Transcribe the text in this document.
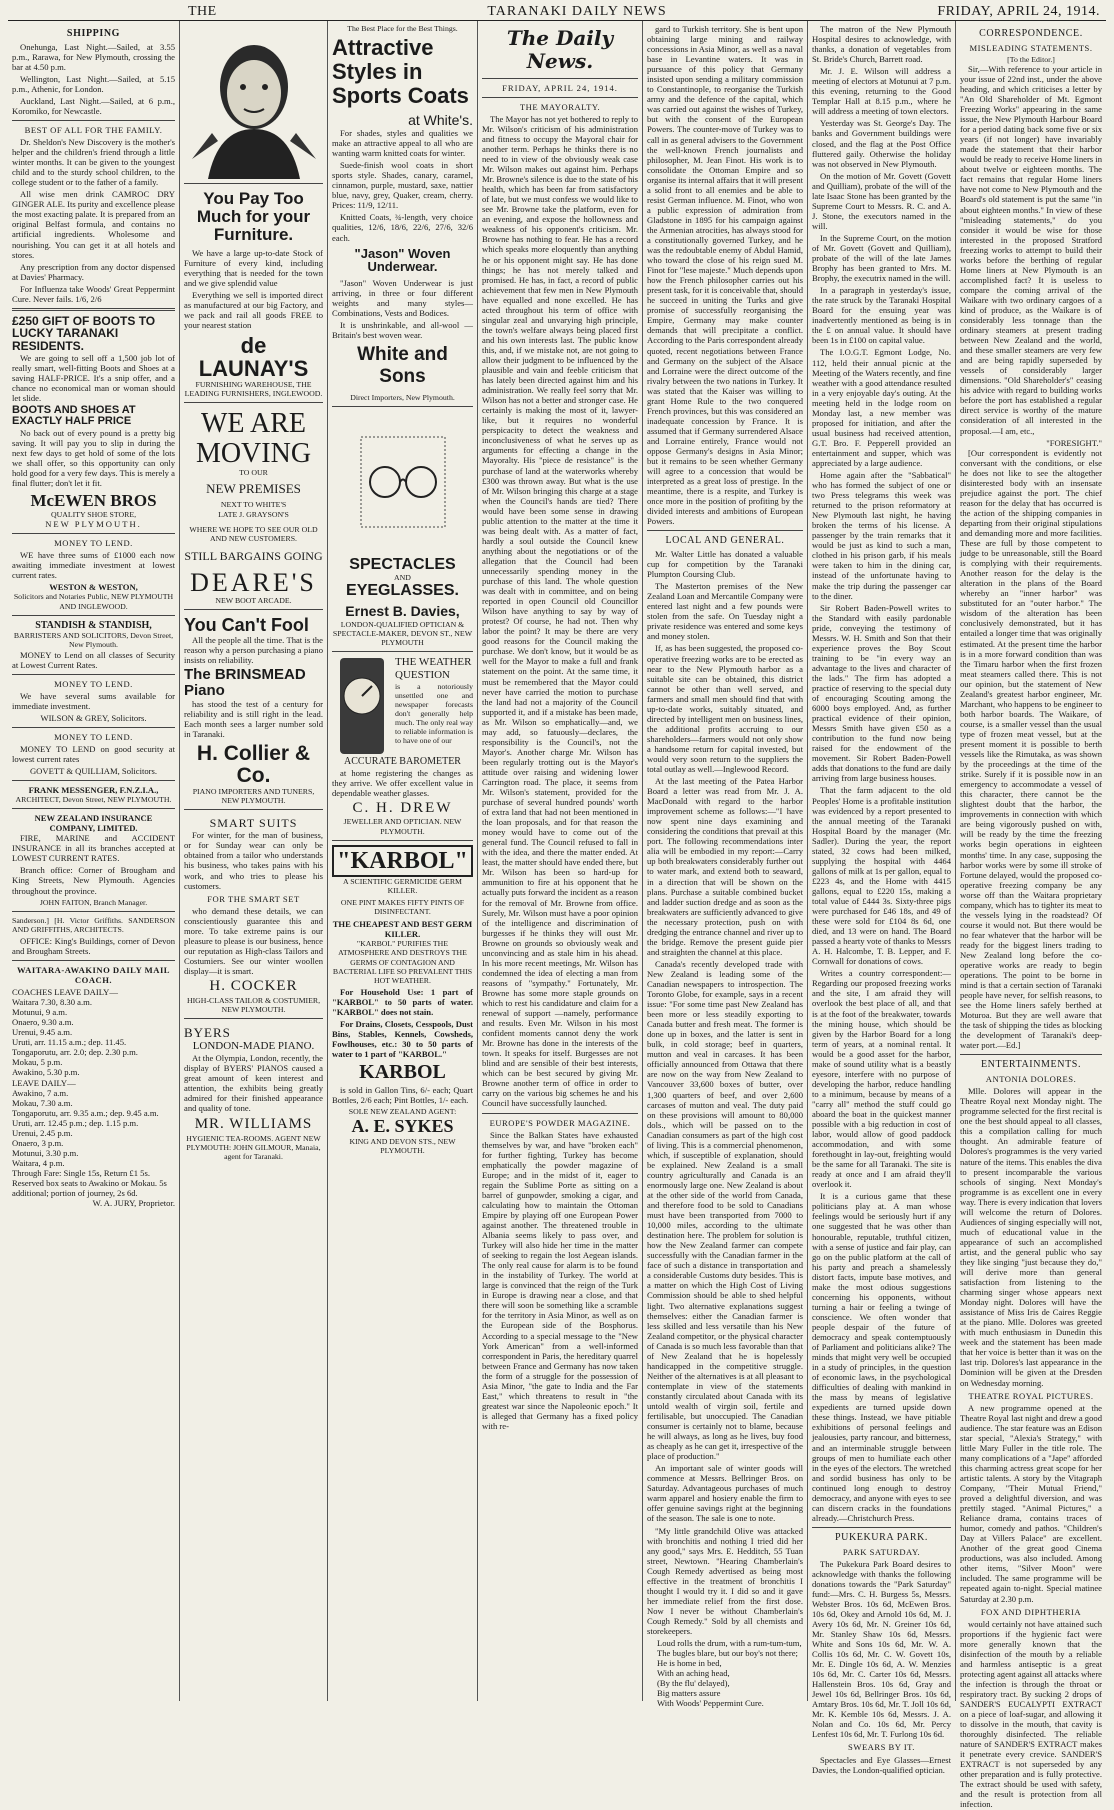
THE	TARANAKI DAILY NEWS	FRIDAY, APRIL 24, 1914.
SHIPPING

Onehunga, Last Night.—Sailed, at 3.55 p.m., Rarawa, for New Plymouth, crossing the bar at 4.50 p.m.

Wellington, Last Night.—Sailed, at 5.15 p.m., Athenic, for London.

Auckland, Last Night.—Sailed, at 6 p.m., Koromiko, for Newcastle.

BEST OF ALL FOR THE FAMILY.

Dr. Sheldon's New Discovery is the mother's helper and the children's friend through a little winter months. It can be given to the youngest child and to the sturdy school children, to the college student or to the father of a family.

All wise men drink CAMROC DRY GINGER ALE. Its purity and excellence please the most exacting palate. It is prepared from an original Belfast formula, and contains no artificial ingredients. Wholesome and nourishing. You can get it at all hotels and stores.

Any prescription from any doctor dispensed at Davies' Pharmacy.

For Influenza take Woods' Great Peppermint Cure. Never fails. 1/6, 2/6

£250 GIFT OF BOOTS TO LUCKY TARANAKI RESIDENTS.

We are going to sell off a 1,500 job lot of really smart, well-fitting Boots and Shoes at a saving HALF-PRICE. It's a snip offer, and a chance no economical man or woman should let slide.

BOOTS AND SHOES AT EXACTLY HALF PRICE

No back out of every pound is a pretty big saving. It will pay you to slip in during the next few days to get hold of some of the lots we shall offer, so this opportunity can only hold good for a very few days. This is merely a final flutter; don't let it fit.

McEWEN BROS
QUALITY SHOE STORE,
NEW PLYMOUTH.
MONEY TO LEND.

WE have three sums of £1000 each now awaiting immediate investment at lowest current rates.

WESTON & WESTON,
Solicitors and Notaries Public, NEW PLYMOUTH AND INGLEWOOD.
STANDISH & STANDISH,
BARRISTERS AND SOLICITORS, Devon Street, New Plymouth.

MONEY to Lend on all classes of Security at Lowest Current Rates.

MONEY TO LEND.

We have several sums available for immediate investment.

WILSON & GREY, Solicitors.
MONEY TO LEND.

MONEY TO LEND on good security at lowest current rates

GOVETT & QUILLIAM, Solicitors.
FRANK MESSENGER, F.N.Z.I.A.,
ARCHITECT, Devon Street, NEW PLYMOUTH.
NEW ZEALAND INSURANCE COMPANY, LIMITED.

FIRE, MARINE and ACCIDENT INSURANCE in all its branches accepted at LOWEST CURRENT RATES.

Branch office: Corner of Brougham and King Streets, New Plymouth. Agencies throughout the province.

JOHN FAITON, Branch Manager.

Sanderson.] [H. Victor Griffiths. SANDERSON AND GRIFFITHS, ARCHITECTS.

OFFICE: King's Buildings, corner of Devon and Brougham Streets.

WAITARA-AWAKINO DAILY MAIL COACH.
COACHES LEAVE DAILY—
Waitara 7.30, 8.30 a.m.
Motunui, 9 a.m.
Onaero, 9.30 a.m.
Urenui, 9.45 a.m.
Uruti, arr. 11.15 a.m.; dep. 11.45.
Tongaporutu, arr. 2.0; dep. 2.30 p.m.
Mokau, 5 p.m.
Awakino, 5.30 p.m.
LEAVE DAILY—
Awakino, 7 a.m.
Mokau, 7.30 a.m.
Tongaporutu, arr. 9.35 a.m.; dep. 9.45 a.m.
Uruti, arr. 12.45 p.m.; dep. 1.15 p.m.
Urenui, 2.45 p.m.
Onaero, 3 p.m.
Motunui, 3.30 p.m.
Waitara, 4 p.m.
Through Fare: Single 15s, Return £1 5s. Reserved box seats to Awakino or Mokau. 5s additional; portion of journey, 2s 6d.
W. A. JURY, Proprietor.
You Pay Too Much for your Furniture.

We have a large up-to-date Stock of Furniture of every kind, including everything that is needed for the town and we give splendid value

Everything we sell is imported direct as manufactured at our big Factory, and we pack and rail all goods FREE to your nearest station

de LAUNAY'S
FURNISHING WAREHOUSE, THE LEADING FURNISHERS, INGLEWOOD.
WE ARE
MOVING
TO OUR
NEW PREMISES
NEXT TO WHITE'S
LATE J. GRAYSON'S
WHERE WE HOPE TO SEE OUR OLD AND NEW CUSTOMERS.
STILL BARGAINS GOING
DEARE'S
NEW BOOT ARCADE.
You Can't Fool

All the people all the time. That is the reason why a person purchasing a piano insists on reliability.

The BRINSMEAD Piano

has stood the test of a century for reliability and is still right in the lead. Each month sees a larger number sold in Taranaki.

H. Collier & Co.
PIANO IMPORTERS AND TUNERS, NEW PLYMOUTH.
SMART SUITS

For winter, for the man of business, or for Sunday wear can only be obtained from a tailor who understands his business, who takes pains with his work, and who tries to please his customers.

FOR THE SMART SET

who demand these details, we can conscientiously guarantee this and more. To take extreme pains is our pleasure to please is our business, hence our reputation as High-class Tailors and Costumiers. See our winter woollen display—it is smart.

H. COCKER
HIGH-CLASS TAILOR & COSTUMIER, NEW PLYMOUTH.
BYERS
LONDON-MADE PIANO.

At the Olympia, London, recently, the display of BYERS' PIANOS caused a great amount of keen interest and attention, the exhibits being greatly admired for their finished appearance and quality of tone.

MR. WILLIAMS
HYGIENIC TEA-ROOMS. AGENT NEW PLYMOUTH: JOHN GILMOUR, Manaia, agent for Taranaki.
The Best Place for the Best Things.
Attractive Styles in Sports Coats
at White's.

For shades, styles and qualities we make an attractive appeal to all who are wanting warm knitted coats for winter.

Suede-finish wool coats in short sports style. Shades, canary, caramel, cinnamon, purple, mustard, saxe, nattier blue, navy, grey, Quaker, cream, cherry. Prices: 11/9, 12/11.

Knitted Coats, ¾-length, very choice qualities, 12/6, 18/6, 22/6, 27/6, 32/6 each.

"Jason" Woven Underwear.

"Jason" Woven Underwear is just arriving, in three or four different weights and many styles—Combinations, Vests and Bodices.

It is unshrinkable, and all-wool —Britain's best woven wear.

White and Sons
Direct Importers, New Plymouth.
SPECTACLES
AND
EYEGLASSES.
Ernest B. Davies,
LONDON-QUALIFIED OPTICIAN & SPECTACLE-MAKER, DEVON ST., NEW PLYMOUTH
THE WEATHER QUESTION

is a notoriously unsettled one and newspaper forecasts don't generally help much. The only real way to reliable information is to have one of our

ACCURATE BAROMETER

at home registering the changes as they arrive. We offer excellent value in dependable weather glasses.

C. H. DREW
JEWELLER AND OPTICIAN. NEW PLYMOUTH.
"KARBOL"
A SCIENTIFIC GERMICIDE GERM KILLER.
ONE PINT MAKES FIFTY PINTS OF DISINFECTANT.
THE CHEAPEST AND BEST GERM KILLER.

"KARBOL" PURIFIES THE ATMOSPHERE AND DESTROYS THE GERMS OF CONTAGION AND BACTERIAL LIFE SO PREVALENT THIS HOT WEATHER.

For Household Use: 1 part of "KARBOL" to 50 parts of water. "KARBOL" does not stain.

For Drains, Closets, Cesspools, Dust Bins, Stables, Kennels, Cowsheds, Fowlhouses, etc.: 30 to 50 parts of water to 1 part of "KARBOL."

KARBOL

is sold in Gallon Tins, 6/- each; Quart Bottles, 2/6 each; Pint Bottles, 1/- each.

SOLE NEW ZEALAND AGENT:
A. E. SYKES
KING AND DEVON STS., NEW PLYMOUTH.
The Daily News.
FRIDAY, APRIL 24, 1914.
THE MAYORALTY.

The Mayor has not yet bothered to reply to Mr. Wilson's criticism of his administration and fitness to occupy the Mayoral chair for another term. Perhaps he thinks there is no need to in view of the obviously weak case Mr. Wilson makes out against him. Perhaps Mr. Browne's silence is due to the state of his health, which has been far from satisfactory of late, but we must confess we would like to see Mr. Browne take the platform, even for an evening, and expose the hollowness and weakness of his opponent's criticism. Mr. Browne has nothing to fear. He has a record which speaks more eloquently than anything he or his opponent might say. He has done things; he has not merely talked and promised. He has, in fact, a record of public achievement that few men in New Plymouth have equalled and none excelled. He has acted throughout his term of office with singular zeal and unvarying high principle, the town's welfare always being placed first and his own interests last. The public know this, and, if we mistake not, are not going to allow their judgment to be influenced by the plausible and vain and feeble criticism that has lately been directed against him and his administration. We really feel sorry that Mr. Wilson has not a better and stronger case. He certainly is making the most of it, lawyer-like, but it requires no wonderful perspicacity to detect the weakness and inconclusiveness of what he serves up as arguments for effecting a change in the Mayoralty. His "piece de resistance" is the purchase of land at the waterworks whereby £300 was thrown away. But what is the use of Mr. Wilson bringing this charge at a stage when the Council's hands are tied? There would have been some sense in drawing public attention to the matter at the time it was being dealt with. As a matter of fact, hardly a soul outside the Council knew anything about the negotiations or of the allegation that the Council had been unnecessarily spending money in the purchase of this land. The whole question was dealt with in committee, and on being reported in open Council old Councillor Wilson have anything to say by way of protest? Of course, he had not. Then why labor the point? It may be there are very good reasons for the Council making the purchase. We don't know, but it would be as well for the Mayor to make a full and frank statement on the point. At the same time, it must be remembered that the Mayor could never have carried the motion to purchase the land had not a majority of the Council supported it, and if a mistake has been made, as Mr. Wilson so emphatically—and, we may add, so fatuously—declares, the responsibility is the Council's, not the Mayor's. Another charge Mr. Wilson has been regularly trotting out is the Mayor's attitude over raising and widening lower Carrington road. The place, it seems from Mr. Wilson's statement, provided for the purchase of several hundred pounds' worth of extra land that had not been mentioned in the loan proposals, and for that reason the money would have to come out of the general fund. The Council refused to fall in with the idea, and there the matter ended. At least, the matter should have ended there, but Mr. Wilson has been so hard-up for ammunition to fire at his opponent that he actually puts forward the incident as a reason for the removal of Mr. Browne from office. Surely, Mr. Wilson must have a poor opinion of the intelligence and discrimination of burgesses if he thinks they will oust Mr. Browne on grounds so obviously weak and unconvincing and as stale him in his ahead. In his more recent meetings, Mr. Wilson has condemned the idea of electing a man from reasons of "sympathy." Fortunately, Mr. Browne has some more staple grounds on which to rest his candidature and claim for a renewal of support —namely, performance and results. Even Mr. Wilson in his most confident moments cannot deny the work Mr. Browne has done in the interests of the town. It speaks for itself. Burgesses are not blind and are sensible of their best interests, which can be best secured by giving Mr. Browne another term of office in order to carry on the various big schemes he and his Council have successfully launched.

EUROPE'S POWDER MAGAZINE.

Since the Balkan States have exhausted themselves by war, and have "broken each" for further fighting, Turkey has become emphatically the powder magazine of Europe; and in the midst of it, eager to regain the Sublime Porte as sitting on a barrel of gunpowder, smoking a cigar, and calculating how to maintain the Ottoman Empire by playing off one European Power against another. The threatened trouble in Albania seems likely to pass over, and Turkey will also hide her time in the matter of seeking to regain the lost Aegean islands. The only real cause for alarm is to be found in the instability of Turkey. The world at large is convinced that the reign of the Turk in Europe is drawing near a close, and that there will soon be something like a scramble for the territory in Asia Minor, as well as on the European side of the Bosphorus. According to a special message to the "New York American" from a well-informed correspondent in Paris, the hereditary quarrel between France and Germany has now taken the form of a struggle for the possession of Asia Minor, "the gate to India and the Far East," which threatens to result in "the greatest war since the Napoleonic epoch." It is alleged that Germany has a fixed policy with re-

gard to Turkish territory. She is bent upon obtaining large mining and railway concessions in Asia Minor, as well as a naval base in Levantine waters. It was in pursuance of this policy that Germany insisted upon sending a military commission to Constantinople, to reorganise the Turkish army and the defence of the capital, which was carried out against the wishes of Turkey, but with the consent of the European Powers. The counter-move of Turkey was to call in as general advisers to the Government the well-known French journalists and philosopher, M. Jean Finot. His work is to consolidate the Ottoman Empire and so organise its internal affairs that it will present a solid front to all enemies and be able to resist German influence. M. Finot, who won a public expression of admiration from Gladstone in 1895 for his campaign against the Armenian atrocities, has always stood for a constitutionally governed Turkey, and he was the redoubtable enemy of Abdul Hamid, who toward the close of his reign sued M. Finot for "lese majeste." Much depends upon how the French philosopher carries out his present task, for it is conceivable that, should he succeed in uniting the Turks and give promise of successfully reorganising the Empire, Germany may make counter demands that will precipitate a conflict. According to the Paris correspondent already quoted, recent negotiations between France and Germany on the subject of the Alsace and Lorraine were the direct outcome of the rivalry between the two nations in Turkey. It was stated that the Kaiser was willing to grant Home Rule to the two conquered French provinces, but this was considered an inadequate concession by France. It is assumed that if Germany surrendered Alsace and Lorraine entirely, France would not oppose Germany's designs in Asia Minor; but it remains to be seen whether Germany will agree to a concession that would be interpreted as a great loss of prestige. In the meantime, there is a respite, and Turkey is once more in the position of profiting by the divided interests and ambitions of European Powers.

LOCAL AND GENERAL.

Mr. Walter Little has donated a valuable cup for competition by the Taranaki Plumpton Coursing Club.

The Masterton premises of the New Zealand Loan and Mercantile Company were entered last night and a few pounds were stolen from the safe. On Tuesday night a private residence was entered and some keys and money stolen.

If, as has been suggested, the proposed co-operative freezing works are to be erected as near to the New Plymouth harbor as a suitable site can be obtained, this district cannot be other than well served, and farmers and small men should find that with up-to-date works, suitably situated, and directed by intelligent men on business lines, the additional profits accruing to our shareholders—farmers would not only show a handsome return for capital invested, but would very soon return to the suppliers the total outlay as well.—Inglewood Record.

At the last meeting of the Patea Harbor Board a letter was read from Mr. J. A. MacDonald with regard to the harbor improvement scheme as follows:—"I have now spent nine days examining and considering the conditions that prevail at this port. The following recommendations inter alia will be embodied in my report:—Carry up both breakwaters considerably further out to water mark, and extend both to seaward, in a direction that will be shown on the plans. Purchase a suitable combined bucket and ladder suction dredge and as soon as the breakwaters are sufficiently advanced to give the necessary protection, push on with dredging the entrance channel and river up to the bridge. Remove the present guide pier and straighten the channel at this place.

Canada's recently developed trade with New Zealand is leading some of the Canadian newspapers to introspection. The Toronto Globe, for example, says in a recent issue: "For some time past New Zealand has been more or less steadily exporting to Canada butter and fresh meat. The former is done up in boxes, and the latter is sent in bulk, in cold storage; beef in quarters, mutton and veal in carcases. It has been officially announced from Ottawa that there are now on the way from New Zealand to Vancouver 33,600 boxes of butter, over 1,300 quarters of beef, and over 2,600 carcases of mutton and veal. The duty paid on these provisions will amount to 80,000 dols., which will be passed on to the Canadian consumers as part of the high cost of living. This is a commercial phenomenon, which, if susceptible of explanation, should be explained. New Zealand is a small country agriculturally and Canada is an enormously large one. New Zealand is about at the other side of the world from Canada, and therefore food to be sold to Canadians must have been transported from 7000 to 10,000 miles, according to the ultimate destination here. The problem for solution is how the New Zealand farmer can compete successfully with the Canadian farmer in the face of such a distance in transportation and a considerable Customs duty besides. This is a matter on which the High Cost of Living Commission should be able to shed helpful light. Two alternative explanations suggest themselves: either the Canadian farmer is less skilled and less versatile than his New Zealand competitor, or the physical character of Canada is so much less favorable than that of New Zealand that he is hopelessly handicapped in the competitive struggle. Neither of the alternatives is at all pleasant to contemplate in view of the statements constantly circulated about Canada with its untold wealth of virgin soil, fertile and fertilisable, but unoccupied. The Canadian consumer is certainly not to blame, because he will always, as long as he lives, buy food as cheaply as he can get it, irrespective of the place of production."

An important sale of winter goods will commence at Messrs. Bellringer Bros. on Saturday. Advantageous purchases of much warm apparel and hosiery enable the firm to offer genuine savings right at the beginning of the season. The sale is one to note.

"My little grandchild Olive was attacked with bronchitis and nothing I tried did her any good," says Mrs. E. Hedditch, 55 Tuan street, Newtown. "Hearing Chamberlain's Cough Remedy advertised as being most effective in the treatment of bronchitis I thought I would try it. I did so and it gave her immediate relief from the first dose. Now I never be without Chamberlain's Cough Remedy." Sold by all chemists and storekeepers.

Loud rolls the drum, with a rum-tum-tum,
The bugles blare, but our boy's not there;
He is home in bed,
With an aching head,
(By the flu' delayed),
Big matters assure
With Woods' Peppermint Cure.

The matron of the New Plymouth Hospital desires to acknowledge, with thanks, a donation of vegetables from St. Bride's Church, Barrett road.

Mr. J. E. Wilson will address a meeting of electors at Motunui at 7 p.m. this evening, returning to the Good Templar Hall at 8.15 p.m., where he will address a meeting of town electors.

Yesterday was St. George's Day. The banks and Government buildings were closed, and the flag at the Post Office fluttered gaily. Otherwise the holiday was not observed in New Plymouth.

On the motion of Mr. Govett (Govett and Quilliam), probate of the will of the late Isaac Stone has been granted by the Supreme Court to Messrs. R. C. and A. J. Stone, the executors named in the will.

In the Supreme Court, on the motion of Mr. Govett (Govett and Quilliam), probate of the will of the late James Brophy has been granted to Mrs. M. Brophy, the executrix named in the will.

In a paragraph in yesterday's issue, the rate struck by the Taranaki Hospital Board for the ensuing year was inadvertently mentioned as being is in the £ on annual value. It should have been 1s in £100 on capital value.

The I.O.G.T. Egmont Lodge, No. 112, held their annual picnic at the Meeting of the Waters recently, and fine weather with a good attendance resulted in a very enjoyable day's outing. At the meeting held in the lodge room on Monday last, a new member was proposed for initiation, and after the usual business had received attention, G.T. Bro. F. Pepperell provided an entertainment and supper, which was appreciated by a large audience.

Home again after the "Sabbatical" who has formed the subject of one or two Press telegrams this week was returned to the prison reformatory at New Plymouth last night, he having broken the terms of his license. A passenger by the train remarks that it would be just as kind to such a man, clothed in his prison garb, if his meals were taken to him in the dining car, instead of the unfortunate having to make the trip during the passenger car to the diner.

Sir Robert Baden-Powell writes to the Standard with easily pardonable pride, conveying the testimony of Messrs. W. H. Smith and Son that their experience proves the Boy Scout training to be "in every way an advantage to the lives and character of the lads." The firm has adopted a practice of reserving to the special duty of encouraging Scouting among the 6000 boys employed. And, as further practical evidence of their opinion, Messrs Smith have given £50 as a contribution to the fund now being raised for the endowment of the movement. Sir Robert Baden-Powell adds that donations to the fund are daily arriving from large business houses.

That the farm adjacent to the old Peoples' Home is a profitable institution was evidenced by a report presented to the annual meeting of the Taranaki Hospital Board by the manager (Mr. Sadler). During the year, the report stated, 32 cows had been milked, supplying the hospital with 4464 gallons of milk at 1s per gallon, equal to £223 4s, and the Home with 4415 gallons, equal to £220 15s, making a total value of £444 3s. Sixty-three pigs were purchased for £46 18s, and 49 of these were sold for £104 8s 6d, one died, and 13 were on hand. The Board passed a hearty vote of thanks to Messrs A. H. Halcombe, T. B. Lepper, and F. Cornwall for donations of cows.

Writes a country correspondent:—Regarding our proposed freezing works and the site, I am afraid they will overlook the best place of all, and that is at the foot of the breakwater, towards the mining house, which should be given by the Harbor Board for a long term of years, at a nominal rental. It would be a good asset for the harbor, make of sound utility what is a beastly eyesore, interfere with no purpose of developing the harbor, reduce handling to a minimum, because by means of a "carry all" method the stuff could go aboard the boat in the quickest manner possible with a big reduction in cost of labor, would allow of good paddock accommodation, and with some forethought in lay-out, freighting would be the same for all Taranaki. The site is ready at once and I am afraid they'll overlook it.

It is a curious game that these politicians play at. A man whose feelings would be seriously hurt if any one suggested that he was other than honourable, reputable, truthful citizen, with a sense of justice and fair play, can go on the public platform at the call of his party and preach a shamelessly distort facts, impute base motives, and make the most odious suggestions concerning his opponents, without turning a hair or feeling a twinge of conscience. We often wonder that people despair of the future of democracy and speak contemptuously of Parliament and politicians alike? The minds that might very well be occupied in a study of principles, in the question of economic laws, in the psychological difficulties of dealing with mankind in the mass by means of legislative expedients are turned upside down these things. Instead, we have pitiable exhibitions of personal feelings and jealousies, party rancour, and bitterness, and an interminable struggle between groups of men to humiliate each other in the eyes of the electors. The wretched and sordid business has only to be continued long enough to destroy democracy, and anyone with eyes to see can discern cracks in the foundations already.—Christchurch Press.

PUKEKURA PARK.
PARK SATURDAY.

The Pukekura Park Board desires to acknowledge with thanks the following donations towards the "Park Saturday" fund:—Mrs. C. H. Burgess 5s, Messrs. Webster Bros. 10s 6d, McEwen Bros. 10s 6d, Okey and Arnold 10s 6d, M. J. Avery 10s 6d, Mr. N. Greiner 10s 6d, Mr. Stanley Shaw 10s 6d, Messrs. White and Sons 10s 6d, Mr. W. A. Collis 10s 6d, Mr. C. W. Govett 10s, Mr. E. Dingle 10s 6d, A. W. Menzies 10s 6d, Mr. C. Carter 10s 6d, Messrs. Hallenstein Bros. 10s 6d, Gray and Jewel 10s 6d, Bellringer Bros. 10s 6d, Amtary Bros. 10s 6d, Mr. T. Joll 10s 6d, Mr. K. Kemble 10s 6d, Messrs. J. A. Nolan and Co. 10s 6d, Mr. Percy Lenfest 10s 6d, Mr. T. Furlong 10s 6d.

SWEARS BY IT.

Spectacles and Eye Glasses—Ernest Davies, the London-qualified optician.

CORRESPONDENCE.
MISLEADING STATEMENTS.
[To the Editor.]

Sir,—With reference to your article in your issue of 22nd inst., under the above heading, and which criticises a letter by "An Old Shareholder of Mt. Egmont Freezing Works" appearing in the same issue, the New Plymouth Harbour Board for a period dating back some five or six years (if not longer) have invariably made the statement that their harbor would be ready to receive Home liners in about twelve or eighteen months. The fact remains that regular Home liners have not come to New Plymouth and the Board's old statement is put the same "in about eighteen months." In view of these "misleading statements," do you consider it would be wise for those interested in the proposed Stratford freezing works to attempt to build their works before the berthing of regular Home liners at New Plymouth is an accomplished fact? It is useless to compare the coming arrival of the Waikare with two ordinary cargoes of a kind of produce, as the Waikare is of considerably less tonnage than the ordinary steamers at present trading between New Zealand and the world, and these smaller steamers are very few and are being rapidly superseded by vessels of considerably larger dimensions. "Old Shareholder's" ceasing his advice with regard to building works before the port has established a regular direct service is worthy of the mature consideration of all interested in the proposal.—I am, etc.,

"FORESIGHT."

[Our correspondent is evidently not conversant with the conditions, or else he does not like to see the altogether disinterested body with an insensate prejudice against the port. The chief reason for the delay that has occurred is the action of the shipping companies in departing from their original stipulations and demanding more and more facilities. These are full by those competent to judge to be unreasonable, still the Board is complying with their requirements. Another reason for the delay is the alteration in the plans of the Board whereby an "inner harbor" was substituted for an "outer harbor." The wisdom of the alteration has been conclusively demonstrated, but it has entailed a longer time that was originally estimated. At the present time the harbor is in a more forward condition than was the Timaru harbor when the first frozen meat steamers called there. This is not our opinion, but the statement of New Zealand's greatest harbor engineer, Mr. Marchant, who happens to be engineer to both harbor boards. The Waikare, of course, is a smaller vessel than the usual type of frozen meat vessel, but at the present moment it is possible to berth vessels like the Rimutaka, as was shown by the proceedings at the time of the strike. Surely if it is possible now in an emergency to accommodate a vessel of this character, there cannot be the slightest doubt that the harbor, the improvements in connection with which are being vigorously pushed on with, will be ready by the time the freezing works begin operations in eighteen months' time. In any case, supposing the harbor works were by some ill stroke of Fortune delayed, would the proposed co-operative freezing company be any worse off than the Waitara proprietary company, which has to tighter its meat to the vessels lying in the roadstead? Of course it would not. But there would be no fear whatever that the harbor will be ready for the biggest liners trading to New Zealand long before the co-operative works are ready to begin operations. The point to be borne in mind is that a certain section of Taranaki people have never, for selfish reasons, to see the Home liners safely berthed at Moturoa. But they are well aware that the task of shipping the tides as blocking the development of Taranaki's deep-water port.—Ed.]

ENTERTAINMENTS.
ANTONIA DOLORES.

Mlle. Dolores will appear in the Theatre Royal next Monday night. The programme selected for the first recital is one the best should appeal to all classes, this a compilation calling for much thought. An admirable feature of Dolores's programmes is the very varied nature of the items. This enables the diva to present incomparable the various schools of singing. Next Monday's programme is as excellent one in every way. There is every indication that lovers will welcome the return of Dolores. Audiences of singing especially will not, much of educational value in the appearance of such an accomplished artist, and the general public who say they like singing "just because they do," will derive more than general satisfaction from listening to the charming singer whose appears next Monday night. Dolores will have the assistance of Miss Iris de Caires Reggie at the piano. Mlle. Dolores was greeted with much enthusiasm in Dunedin this week and the statement has been made that her voice is better than it was on the last trip. Dolores's last appearance in the Dominion will be given at the Dresden on Wednesday morning.

THEATRE ROYAL PICTURES.

A new programme opened at the Theatre Royal last night and drew a good audience. The star feature was an Edison star special, "Alexia's Strategy," with little Mary Fuller in the title role. The many complications of a "Jape" afforded this charming actress great scope for her artistic talents. A story by the Vitagraph Company, "Their Mutual Friend," proved a delightful diversion, and was prettily staged. "Animal Pictures," a Reliance drama, contains traces of humor, comedy and pathos. "Children's Day at Villers Palace" are excellent. Another of the great good Cinema productions, was also included. Among other items, "Silver Moon" were included. The same programme will be repeated again to-night. Special matinee Saturday at 2.30 p.m.

FOX AND DIPHTHERIA

would certainly not have attained such proportions if the hygienic fact were more generally known that the disinfection of the mouth by a reliable and harmless antiseptic is a great protecting agent against all attacks where the infection is through the throat or respiratory tract. By sucking 2 drops of SANDER'S EUCALYPTI EXTRACT on a piece of loaf-sugar, and allowing it to dissolve in the mouth, that cavity is thoroughly disinfected. The reliable nature of SANDER'S EXTRACT makes it penetrate every crevice. SANDER'S EXTRACT is not superseded by any other preparation and is fully protective. The extract should be used with safety, and the result is protection from all infection.
